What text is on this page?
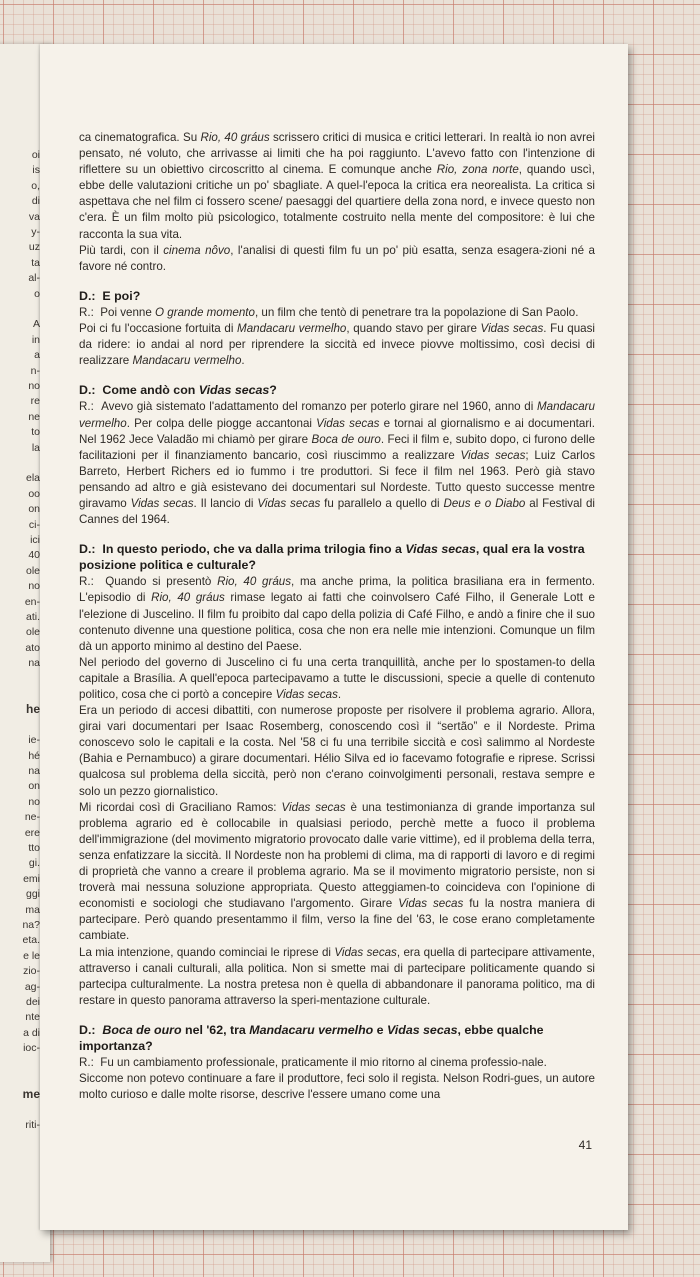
oi
is
o,
di
va
y-
uz
ta
al-
o
A
in
a
n-
no
re
ne
to
la
ela
oo
on
ci-
ici
40
ole
no
en-
ati.
ole
ato
na
he
ie-
hé
na
on
no
ne-
ere
tto
gi.
emi
ggi
ma
na?
eta.
e le
zio-
ag-
dei
nte
a di
ioc-
me
riti-

ca cinematografica. Su Rio, 40 gráus scrissero critici di musica e critici letterari. In realtà io non avrei pensato, né voluto, che arrivasse ai limiti che ha poi raggiunto. L'avevo fatto con l'intenzione di riflettere su un obiettivo circoscritto al cinema. E comunque anche Rio, zona norte, quando uscì, ebbe delle valutazioni critiche un po' sbagliate. A quel-l'epoca la critica era neorealista. La critica si aspettava che nel film ci fossero scene/ paesaggi del quartiere della zona nord, e invece questo non c'era. È un film molto più psicologico, totalmente costruito nella mente del compositore: è lui che racconta la sua vita.

Più tardi, con il cinema nôvo, l'analisi di questi film fu un po' più esatta, senza esagera-zioni né a favore né contro.

D.:  E poi?

R.:  Poi venne O grande momento, un film che tentò di penetrare tra la popolazione di San Paolo.

Poi ci fu l'occasione fortuita di Mandacaru vermelho, quando stavo per girare Vidas secas. Fu quasi da ridere: io andai al nord per riprendere la siccità ed invece piovve moltissimo, così decisi di realizzare Mandacaru vermelho.

D.:  Come andò con Vidas secas?

R.:  Avevo già sistemato l'adattamento del romanzo per poterlo girare nel 1960, anno di Mandacaru vermelho. Per colpa delle piogge accantonai Vidas secas e tornai al giornalismo e ai documentari. Nel 1962 Jece Valadão mi chiamò per girare Boca de ouro. Feci il film e, subito dopo, ci furono delle facilitazioni per il finanziamento bancario, così riuscimmo a realizzare Vidas secas; Luiz Carlos Barreto, Herbert Richers ed io fummo i tre produttori. Si fece il film nel 1963. Però già stavo pensando ad altro e già esistevano dei documentari sul Nordeste. Tutto questo successe mentre giravamo Vidas secas. Il lancio di Vidas secas fu parallelo a quello di Deus e o Diabo al Festival di Cannes del 1964.

D.:  In questo periodo, che va dalla prima trilogia fino a Vidas secas, qual era la vostra posizione politica e culturale?

R.:  Quando si presentò Rio, 40 gráus, ma anche prima, la politica brasiliana era in fermento. L'episodio di Rio, 40 gráus rimase legato ai fatti che coinvolsero Café Filho, il Generale Lott e l'elezione di Juscelino. Il film fu proibito dal capo della polizia di Café Filho, e andò a finire che il suo contenuto divenne una questione politica, cosa che non era nelle mie intenzioni. Comunque un film dà un apporto minimo al destino del Paese.

Nel periodo del governo di Juscelino ci fu una certa tranquillità, anche per lo spostamen-to della capitale a Brasília. A quell'epoca partecipavamo a tutte le discussioni, specie a quelle di contenuto politico, cosa che ci portò a concepire Vidas secas.

Era un periodo di accesi dibattiti, con numerose proposte per risolvere il problema agrario. Allora, girai vari documentari per Isaac Rosemberg, conoscendo così il “sertão” e il Nordeste. Prima conoscevo solo le capitali e la costa. Nel '58 ci fu una terribile siccità e così salimmo al Nordeste (Bahia e Pernambuco) a girare documentari. Hélio Silva ed io facevamo fotografie e riprese. Scrissi qualcosa sul problema della siccità, però non c'erano coinvolgimenti personali, restava sempre e solo un pezzo giornalistico.

Mi ricordai così di Graciliano Ramos: Vidas secas è una testimonianza di grande importanza sul problema agrario ed è collocabile in qualsiasi periodo, perchè mette a fuoco il problema dell'immigrazione (del movimento migratorio provocato dalle varie vittime), ed il problema della terra, senza enfatizzare la siccità. Il Nordeste non ha problemi di clima, ma di rapporti di lavoro e di regimi di proprietà che vanno a creare il problema agrario. Ma se il movimento migratorio persiste, non si troverà mai nessuna soluzione appropriata. Questo atteggiamen-to coincideva con l'opinione di economisti e sociologi che studiavano l'argomento. Girare Vidas secas fu la nostra maniera di partecipare. Però quando presentammo il film, verso la fine del '63, le cose erano completamente cambiate.

La mia intenzione, quando cominciai le riprese di Vidas secas, era quella di partecipare attivamente, attraverso i canali culturali, alla politica. Non si smette mai di partecipare politicamente quando si partecipa culturalmente. La nostra pretesa non è quella di abbandonare il panorama politico, ma di restare in questo panorama attraverso la speri-mentazione culturale.

D.:  Boca de ouro nel '62, tra Mandacaru vermelho e Vidas secas, ebbe qualche importanza?

R.:  Fu un cambiamento professionale, praticamente il mio ritorno al cinema professio-nale.

Siccome non potevo continuare a fare il produttore, feci solo il regista. Nelson Rodri-gues, un autore molto curioso e dalle molte risorse, descrive l'essere umano come una

41
